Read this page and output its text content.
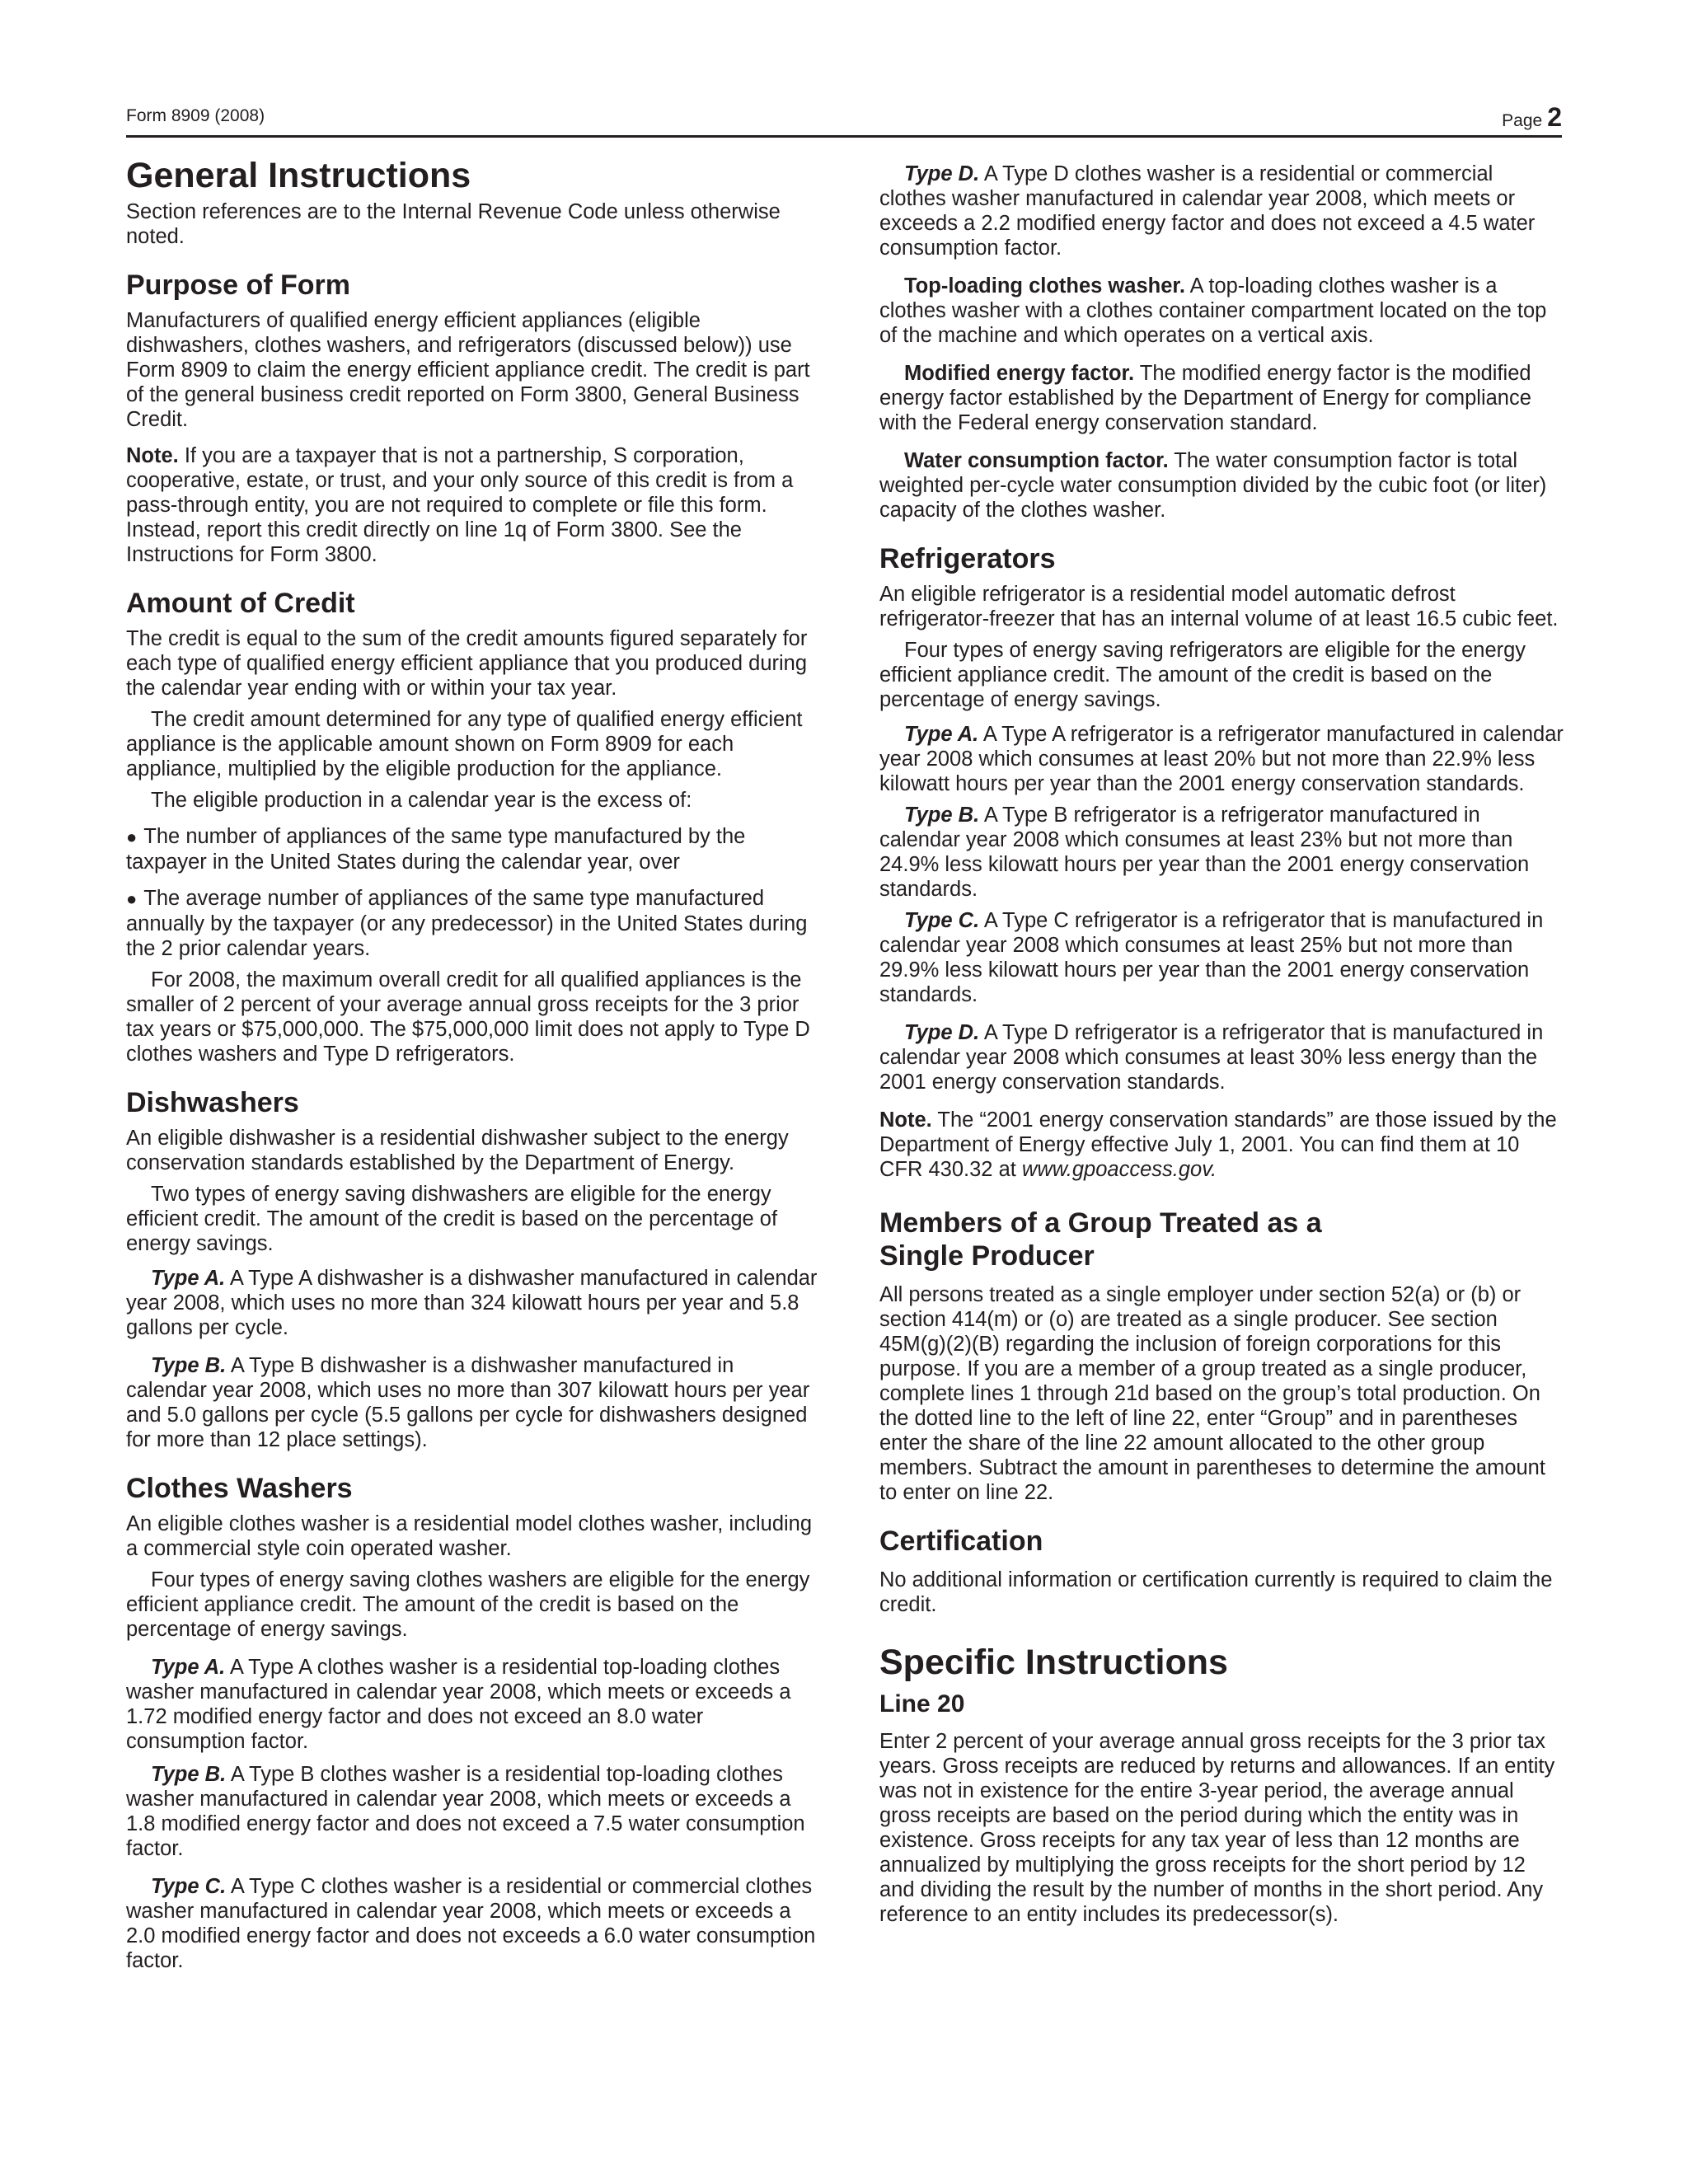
Form 8909 (2008)	Page 2
General Instructions

Section references are to the Internal Revenue Code unless otherwise noted.

Purpose of Form

Manufacturers of qualified energy efficient appliances (eligible dishwashers, clothes washers, and refrigerators (discussed below)) use Form 8909 to claim the energy efficient appliance credit. The credit is part of the general business credit reported on Form 3800, General Business Credit.

Note. If you are a taxpayer that is not a partnership, S corporation, cooperative, estate, or trust, and your only source of this credit is from a pass-through entity, you are not required to complete or file this form. Instead, report this credit directly on line 1q of Form 3800. See the Instructions for Form 3800.

Amount of Credit

The credit is equal to the sum of the credit amounts figured separately for each type of qualified energy efficient appliance that you produced during the calendar year ending with or within your tax year.

The credit amount determined for any type of qualified energy efficient appliance is the applicable amount shown on Form 8909 for each appliance, multiplied by the eligible production for the appliance.

The eligible production in a calendar year is the excess of:

● The number of appliances of the same type manufactured by the taxpayer in the United States during the calendar year, over

● The average number of appliances of the same type manufactured annually by the taxpayer (or any predecessor) in the United States during the 2 prior calendar years.

For 2008, the maximum overall credit for all qualified appliances is the smaller of 2 percent of your average annual gross receipts for the 3 prior tax years or $75,000,000. The $75,000,000 limit does not apply to Type D clothes washers and Type D refrigerators.

Dishwashers

An eligible dishwasher is a residential dishwasher subject to the energy conservation standards established by the Department of Energy.

Two types of energy saving dishwashers are eligible for the energy efficient credit. The amount of the credit is based on the percentage of energy savings.

Type A. A Type A dishwasher is a dishwasher manufactured in calendar year 2008, which uses no more than 324 kilowatt hours per year and 5.8 gallons per cycle.

Type B. A Type B dishwasher is a dishwasher manufactured in calendar year 2008, which uses no more than 307 kilowatt hours per year and 5.0 gallons per cycle (5.5 gallons per cycle for dishwashers designed for more than 12 place settings).

Clothes Washers

An eligible clothes washer is a residential model clothes washer, including a commercial style coin operated washer.

Four types of energy saving clothes washers are eligible for the energy efficient appliance credit. The amount of the credit is based on the percentage of energy savings.

Type A. A Type A clothes washer is a residential top-loading clothes washer manufactured in calendar year 2008, which meets or exceeds a 1.72 modified energy factor and does not exceed an 8.0 water consumption factor.

Type B. A Type B clothes washer is a residential top-loading clothes washer manufactured in calendar year 2008, which meets or exceeds a 1.8 modified energy factor and does not exceed a 7.5 water consumption factor.

Type C. A Type C clothes washer is a residential or commercial clothes washer manufactured in calendar year 2008, which meets or exceeds a 2.0 modified energy factor and does not exceeds a 6.0 water consumption factor.

Type D. A Type D clothes washer is a residential or commercial clothes washer manufactured in calendar year 2008, which meets or exceeds a 2.2 modified energy factor and does not exceed a 4.5 water consumption factor.

Top-loading clothes washer. A top-loading clothes washer is a clothes washer with a clothes container compartment located on the top of the machine and which operates on a vertical axis.

Modified energy factor. The modified energy factor is the modified energy factor established by the Department of Energy for compliance with the Federal energy conservation standard.

Water consumption factor. The water consumption factor is total weighted per-cycle water consumption divided by the cubic foot (or liter) capacity of the clothes washer.

Refrigerators

An eligible refrigerator is a residential model automatic defrost refrigerator-freezer that has an internal volume of at least 16.5 cubic feet.

Four types of energy saving refrigerators are eligible for the energy efficient appliance credit. The amount of the credit is based on the percentage of energy savings.

Type A. A Type A refrigerator is a refrigerator manufactured in calendar year 2008 which consumes at least 20% but not more than 22.9% less kilowatt hours per year than the 2001 energy conservation standards.

Type B. A Type B refrigerator is a refrigerator manufactured in calendar year 2008 which consumes at least 23% but not more than 24.9% less kilowatt hours per year than the 2001 energy conservation standards.

Type C. A Type C refrigerator is a refrigerator that is manufactured in calendar year 2008 which consumes at least 25% but not more than 29.9% less kilowatt hours per year than the 2001 energy conservation standards.

Type D. A Type D refrigerator is a refrigerator that is manufactured in calendar year 2008 which consumes at least 30% less energy than the 2001 energy conservation standards.

Note. The “2001 energy conservation standards” are those issued by the Department of Energy effective July 1, 2001. You can find them at 10 CFR 430.32 at www.gpoaccess.gov.

Members of a Group Treated as a
Single Producer

All persons treated as a single employer under section 52(a) or (b) or section 414(m) or (o) are treated as a single producer. See section 45M(g)(2)(B) regarding the inclusion of foreign corporations for this purpose. If you are a member of a group treated as a single producer, complete lines 1 through 21d based on the group’s total production. On the dotted line to the left of line 22, enter “Group” and in parentheses enter the share of the line 22 amount allocated to the other group members. Subtract the amount in parentheses to determine the amount to enter on line 22.

Certification

No additional information or certification currently is required to claim the credit.

Specific Instructions
Line 20

Enter 2 percent of your average annual gross receipts for the 3 prior tax years. Gross receipts are reduced by returns and allowances. If an entity was not in existence for the entire 3-year period, the average annual gross receipts are based on the period during which the entity was in existence. Gross receipts for any tax year of less than 12 months are annualized by multiplying the gross receipts for the short period by 12 and dividing the result by the number of months in the short period. Any reference to an entity includes its predecessor(s).
